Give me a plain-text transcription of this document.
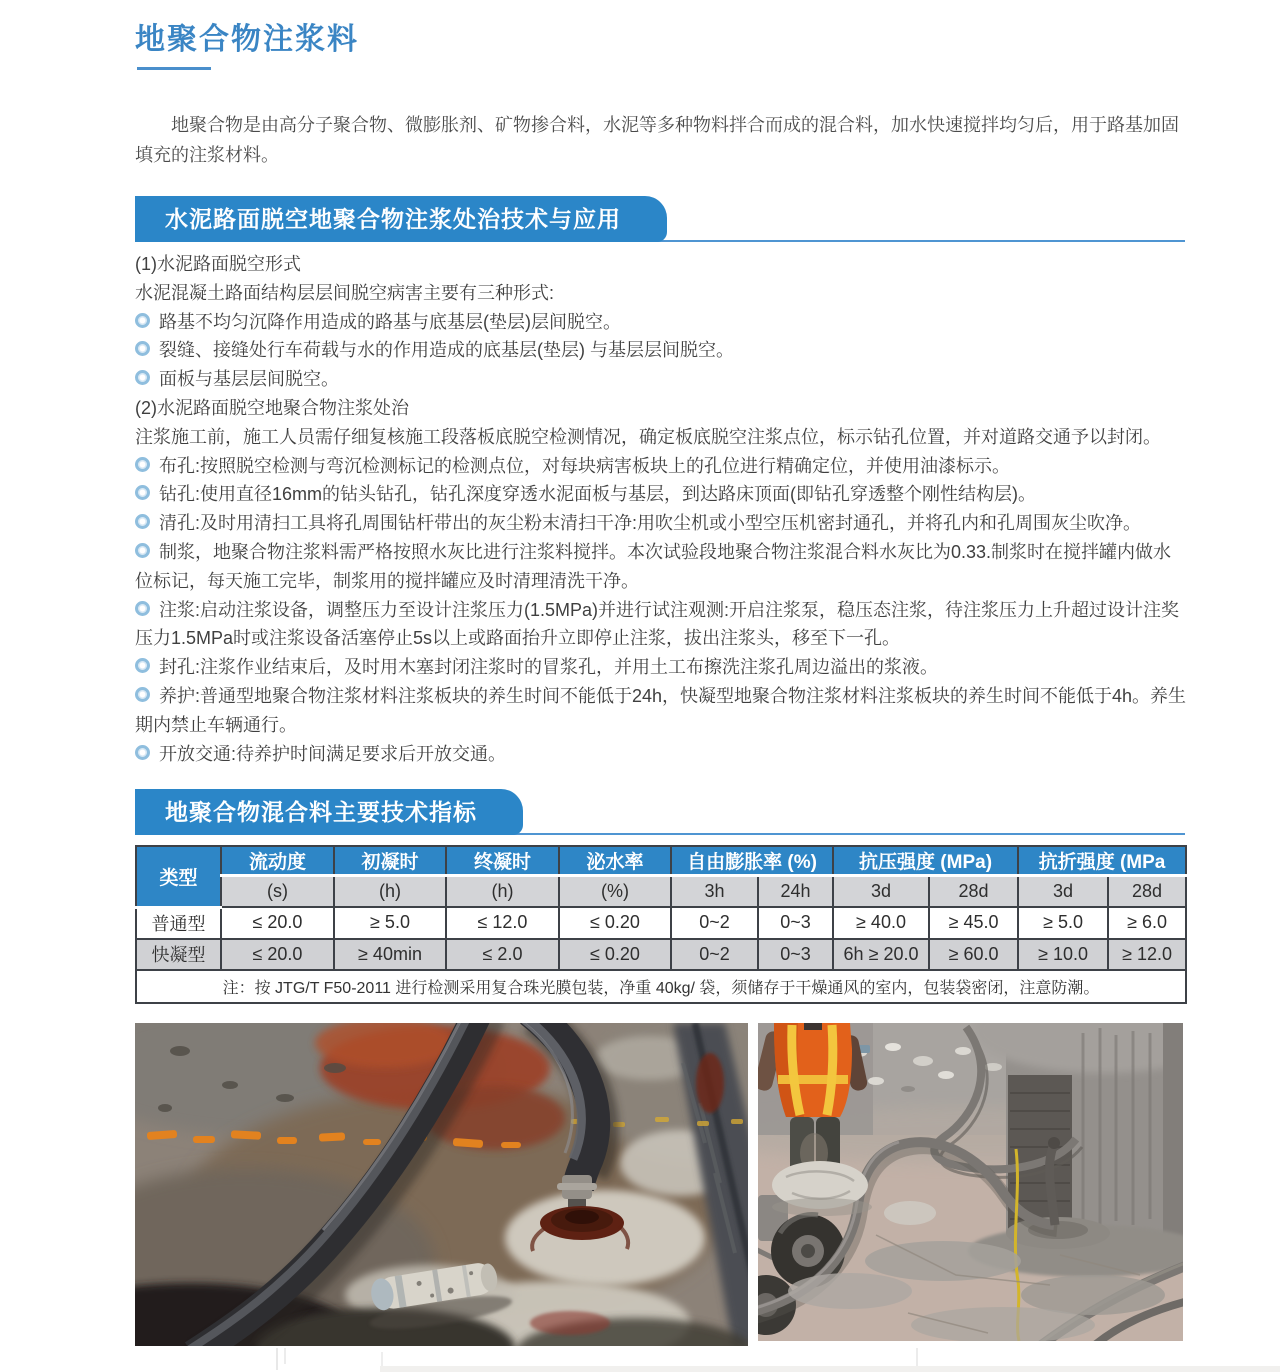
地聚合物注浆料
地聚合物是由高分子聚合物、微膨胀剂、矿物掺合料，水泥等多种物料拌合而成的混合料，加水快速搅拌均匀后，用于路基加固填充的注浆材料。
水泥路面脱空地聚合物注浆处治技术与应用

(1)水泥路面脱空形式

水泥混凝土路面结构层层间脱空病害主要有三种形式:

路基不均匀沉降作用造成的路基与底基层(垫层)层间脱空。

裂缝、接缝处行车荷载与水的作用造成的底基层(垫层) 与基层层间脱空。

面板与基层层间脱空。

(2)水泥路面脱空地聚合物注浆处治

注浆施工前，施工人员需仔细复核施工段落板底脱空检测情况，确定板底脱空注浆点位，标示钻孔位置，并对道路交通予以封闭。

布孔:按照脱空检测与弯沉检测标记的检测点位，对每块病害板块上的孔位进行精确定位，并使用油漆标示。

钻孔:使用直径16mm的钻头钻孔，钻孔深度穿透水泥面板与基层，到达路床顶面(即钻孔穿透整个刚性结构层)。

清孔:及时用清扫工具将孔周围钻杆带出的灰尘粉末清扫干净:用吹尘机或小型空压机密封通孔，并将孔内和孔周围灰尘吹净。

制浆，地聚合物注浆料需严格按照水灰比进行注浆料搅拌。本次试验段地聚合物注浆混合料水灰比为0.33.制浆时在搅拌罐内做水位标记，每天施工完毕，制浆用的搅拌罐应及时清理清洗干净。

注浆:启动注浆设备，调整压力至设计注浆压力(1.5MPa)并进行试注观测:开启注浆泵，稳压态注浆，待注浆压力上升超过设计注奖压力1.5MPa时或注浆设备活塞停止5s以上或路面抬升立即停止注浆，拔出注浆头，移至下一孔。

封孔:注浆作业结束后，及时用木塞封闭注浆时的冒浆孔，并用土工布擦洗注浆孔周边溢出的浆液。

养护:普通型地聚合物注浆材料注浆板块的养生时间不能低于24h，快凝型地聚合物注浆材料注浆板块的养生时间不能低于4h。养生期内禁止车辆通行。

开放交通:待养护时间满足要求后开放交通。

地聚合物混合料主要技术指标
类型	流动度	初凝时	终凝时	泌水率	自由膨胀率 (%)		抗压强度 (MPa)		抗折强度 (MPa	
	(s)	(h)	(h)	(%)	3h	24h	3d	28d	3d	28d
普通型	≤ 20.0	≥ 5.0	≤ 12.0	≤ 0.20	0~2	0~3	≥ 40.0	≥ 45.0	≥ 5.0	≥ 6.0
快凝型	≤ 20.0	≥ 40min	≤ 2.0	≤ 0.20	0~2	0~3	6h ≥ 20.0	≥ 60.0	≥ 10.0	≥ 12.0
注：按 JTG/T F50-2011 进行检测采用复合珠光膜包装，净重 40kg/ 袋，须储存于干燥通风的室内，包装袋密闭，注意防潮。										
